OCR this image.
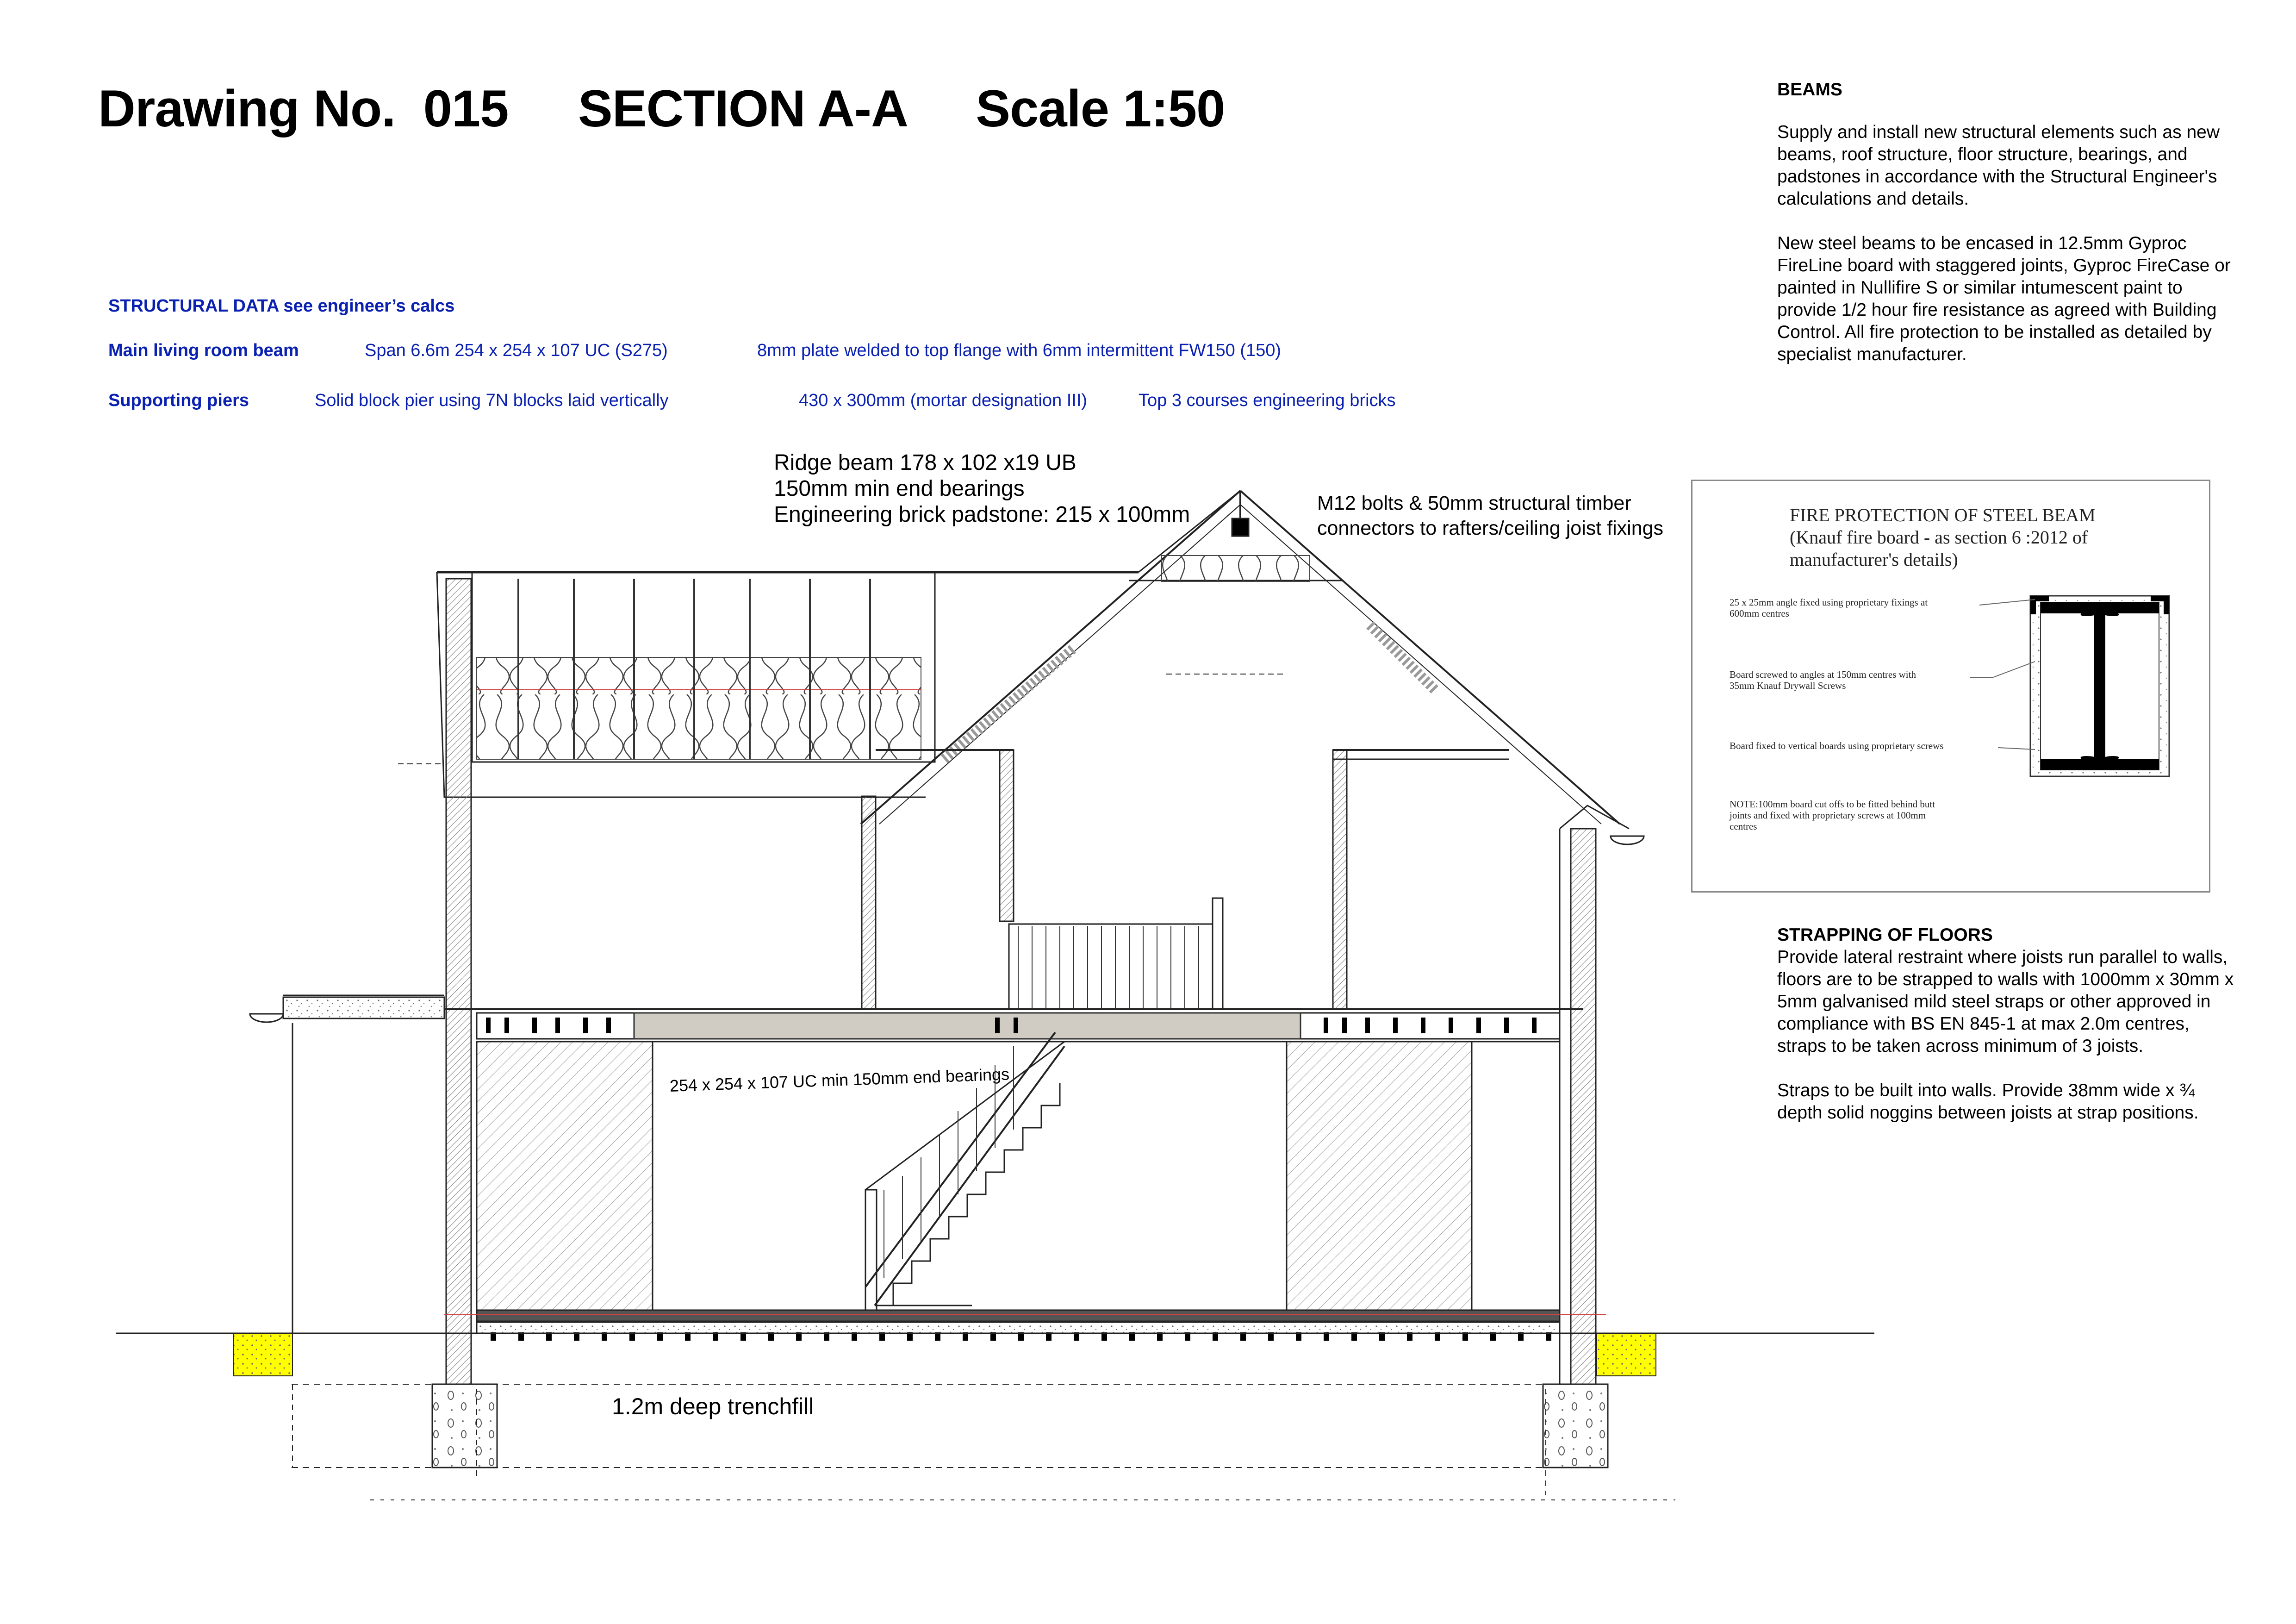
Drawing No.  015 SECTION A-A Scale 1:50
STRUCTURAL DATA see engineer’s calcs
Main living room beam	Span 6.6m 254 x 254 x 107 UC (S275)	8mm plate welded to top flange with 6mm intermittent FW150 (150)
Supporting piers	Solid block pier using 7N blocks laid vertically	430 x 300mm (mortar designation III)	Top 3 courses engineering bricks
Ridge beam 178 x 102 x19 UB
150mm min end bearings
Engineering brick padstone: 215 x 100mm	M12 bolts & 50mm structural timber
connectors to rafters/ceiling joist fixings
254 x 254 x 107 UC min 150mm end bearings
1.2m deep trenchfill
BEAMS
Supply and install new structural elements such as new beams, roof structure, floor structure, bearings, and padstones in accordance with the Structural Engineer's calculations and details.
New steel beams to be encased in 12.5mm Gyproc FireLine board with staggered joints, Gyproc FireCase or painted in Nullifire S or similar intumescent paint to provide 1/2 hour fire resistance as agreed with Building Control. All fire protection to be installed as detailed by specialist manufacturer.
STRAPPING OF FLOORS
Provide lateral restraint where joists run parallel to walls, floors are to be strapped to walls with 1000mm x 30mm x 5mm galvanised mild steel straps or other approved in compliance with BS EN 845-1 at max 2.0m centres, straps to be taken across minimum of 3 joists.
Straps to be built into walls. Provide 38mm wide x ¾ depth solid noggins between joists at strap positions.
FIRE PROTECTION OF STEEL BEAM
(Knauf fire board - as section 6 :2012 of
manufacturer's details)
25 x 25mm angle fixed using proprietary fixings at
600mm centres
Board screwed to angles at 150mm centres with
35mm Knauf Drywall Screws
Board fixed to vertical boards using proprietary screws
NOTE:100mm board cut offs to be fitted behind butt
joints and fixed with proprietary screws at 100mm
centres
